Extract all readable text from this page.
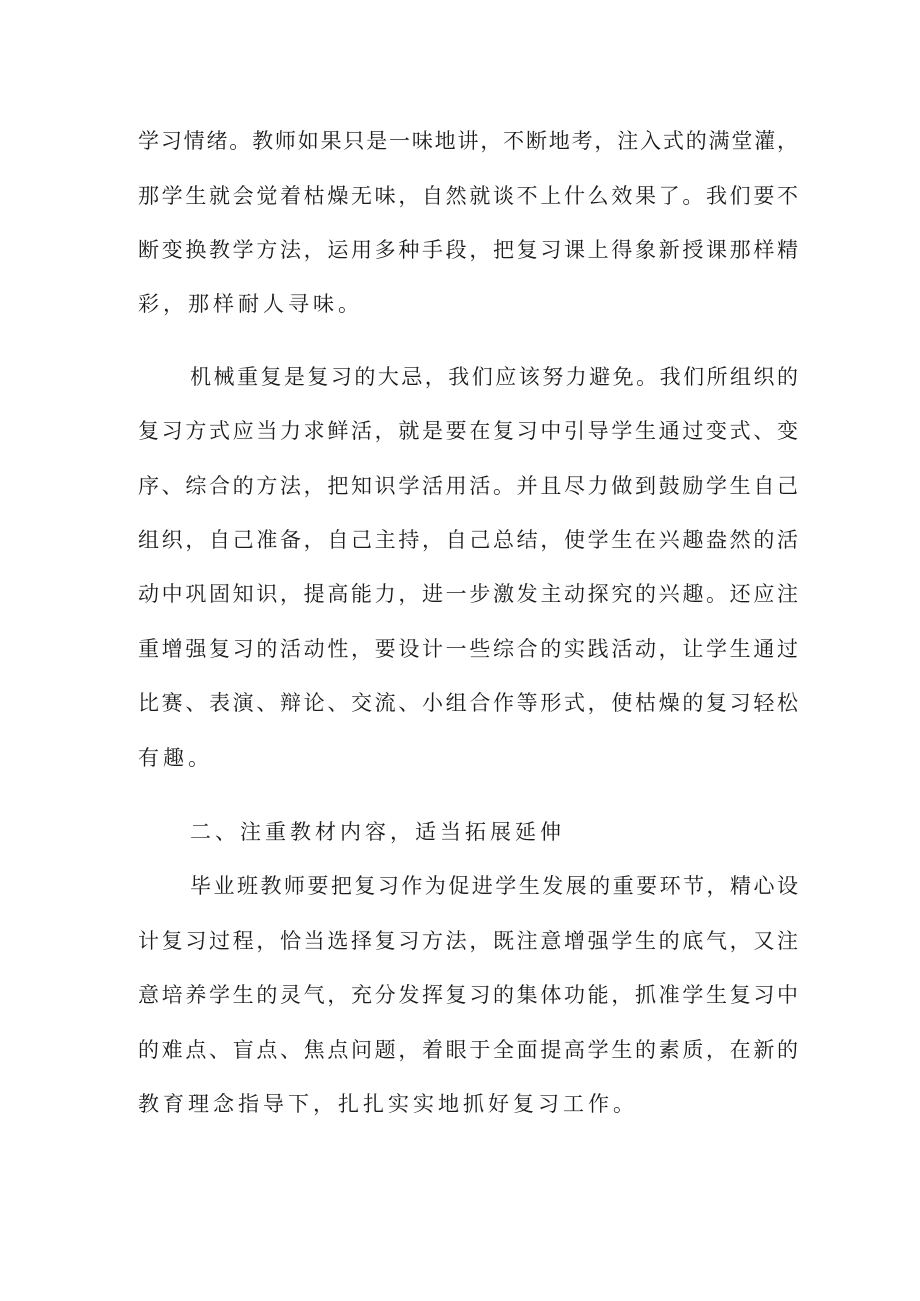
学习情绪。教师如果只是一味地讲，不断地考，注入式的满堂灌，
那学生就会觉着枯燥无味，自然就谈不上什么效果了。我们要不
断变换教学方法，运用多种手段，把复习课上得象新授课那样精
彩，那样耐人寻味。
机械重复是复习的大忌，我们应该努力避免。我们所组织的
复习方式应当力求鲜活，就是要在复习中引导学生通过变式、变
序、综合的方法，把知识学活用活。并且尽力做到鼓励学生自己
组织，自己准备，自己主持，自己总结，使学生在兴趣盎然的活
动中巩固知识，提高能力，进一步激发主动探究的兴趣。还应注
重增强复习的活动性，要设计一些综合的实践活动，让学生通过
比赛、表演、辩论、交流、小组合作等形式，使枯燥的复习轻松
有趣。
二、注重教材内容，适当拓展延伸
毕业班教师要把复习作为促进学生发展的重要环节，精心设
计复习过程，恰当选择复习方法，既注意增强学生的底气，又注
意培养学生的灵气，充分发挥复习的集体功能，抓准学生复习中
的难点、盲点、焦点问题，着眼于全面提高学生的素质，在新的
教育理念指导下，扎扎实实地抓好复习工作。
